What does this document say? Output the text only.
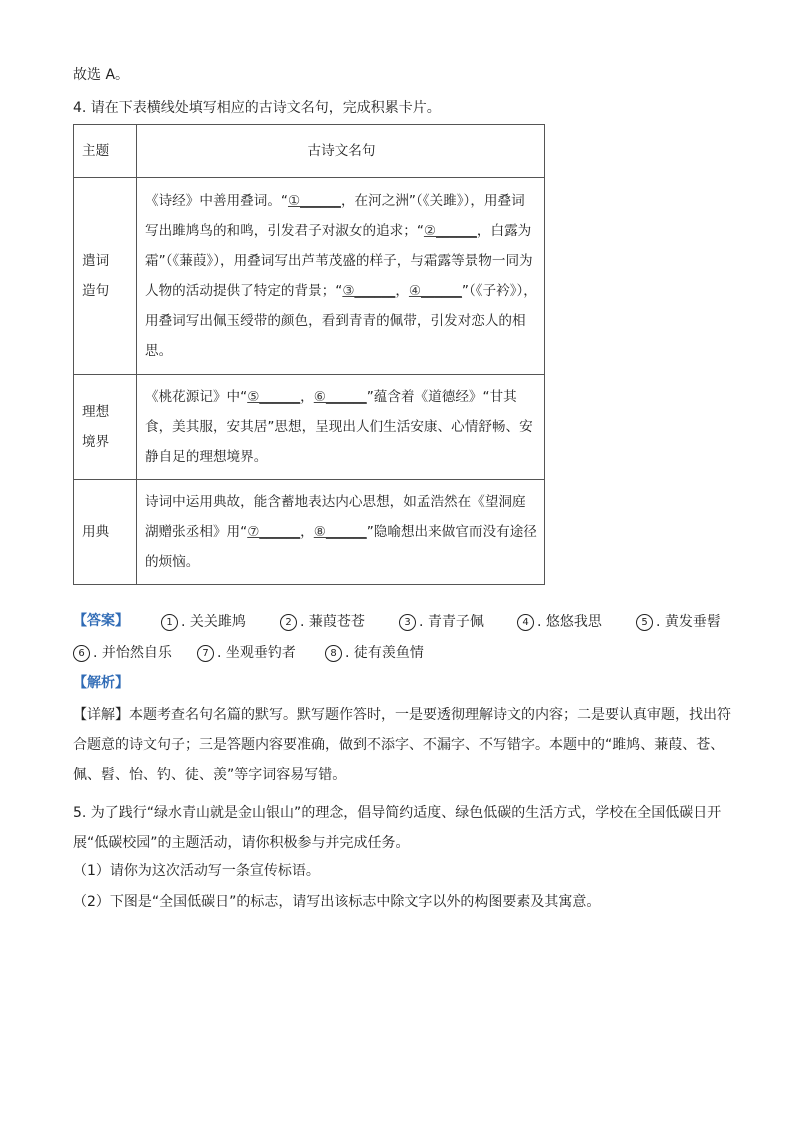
故选 A。
4. 请在下表横线处填写相应的古诗文名句，完成积累卡片。
主题	古诗文名句

遣词
造句	《诗经》中善用叠词。“①______，在河之洲”（《关雎》），用叠词写出雎鸠鸟的和鸣，引发君子对淑女的追求；“②______，白露为霜”（《蒹葭》），用叠词写出芦苇茂盛的样子，与霜露等景物一同为人物的活动提供了特定的背景；“③______，④______”（《子衿》），用叠词写出佩玉绶带的颜色，看到青青的佩带，引发对恋人的相思。

理想
境界	《桃花源记》中“⑤______，⑥______”蕴含着《道德经》“甘其食，美其服，安其居”思想，呈现出人们生活安康、心情舒畅、安静自足的理想境界。

用典	诗词中运用典故，能含蓄地表达内心思想，如孟浩然在《望洞庭湖赠张丞相》用“⑦______，⑧______”隐喻想出来做官而没有途径的烦恼。
【答案】	1 . 关关雎鸠	2 . 蒹葭苍苍	3 . 青青子佩	4 . 悠悠我思	5 . 黄发垂髫
6 . 并怡然自乐	7 . 坐观垂钓者	8 . 徒有羡鱼情
【解析】
【详解】本题考查名句名篇的默写。默写题作答时，一是要透彻理解诗文的内容；二是要认真审题，找出符合题意的诗文句子；三是答题内容要准确，做到不添字、不漏字、不写错字。本题中的“雎鸠、蒹葭、苍、佩、髫、怡、钓、徒、羡”等字词容易写错。
5. 为了践行“绿水青山就是金山银山”的理念，倡导简约适度、绿色低碳的生活方式，学校在全国低碳日开展“低碳校园”的主题活动，请你积极参与并完成任务。
（1）请你为这次活动写一条宣传标语。
（2）下图是“全国低碳日”的标志，请写出该标志中除文字以外的构图要素及其寓意。
